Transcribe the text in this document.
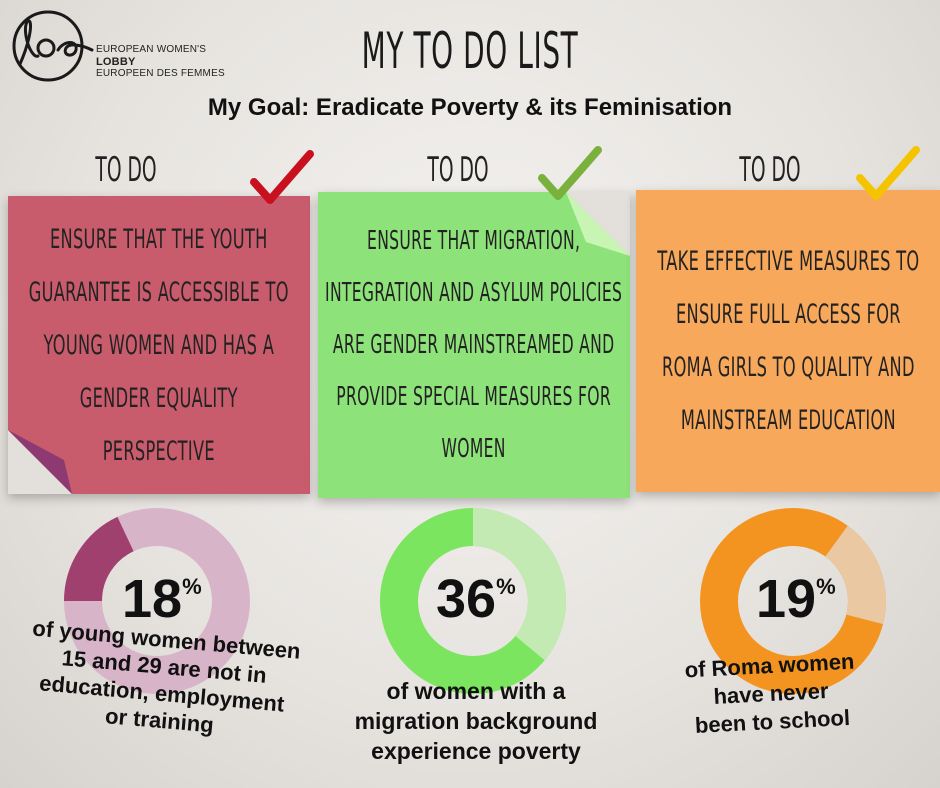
EUROPEAN WOMEN'S
LOBBY
EUROPEEN DES FEMMES	MY TO DO LIST
My Goal: Eradicate Poverty & its Feminisation
TO DO	TO DO	TO DO
ENSURE THAT THE YOUTH GUARANTEE IS ACCESSIBLE TO YOUNG WOMEN AND HAS A GENDER EQUALITY PERSPECTIVE
ENSURE THAT MIGRATION, INTEGRATION AND ASYLUM POLICIES ARE GENDER MAINSTREAMED AND PROVIDE SPECIAL MEASURES FOR WOMEN
TAKE EFFECTIVE MEASURES TO ENSURE FULL ACCESS FOR ROMA GIRLS TO QUALITY AND MAINSTREAM EDUCATION
18%	36%	19%
of young women between 15 and 29 are not in education, employment or training
of women with a migration background experience poverty
of Roma women have never been to school
